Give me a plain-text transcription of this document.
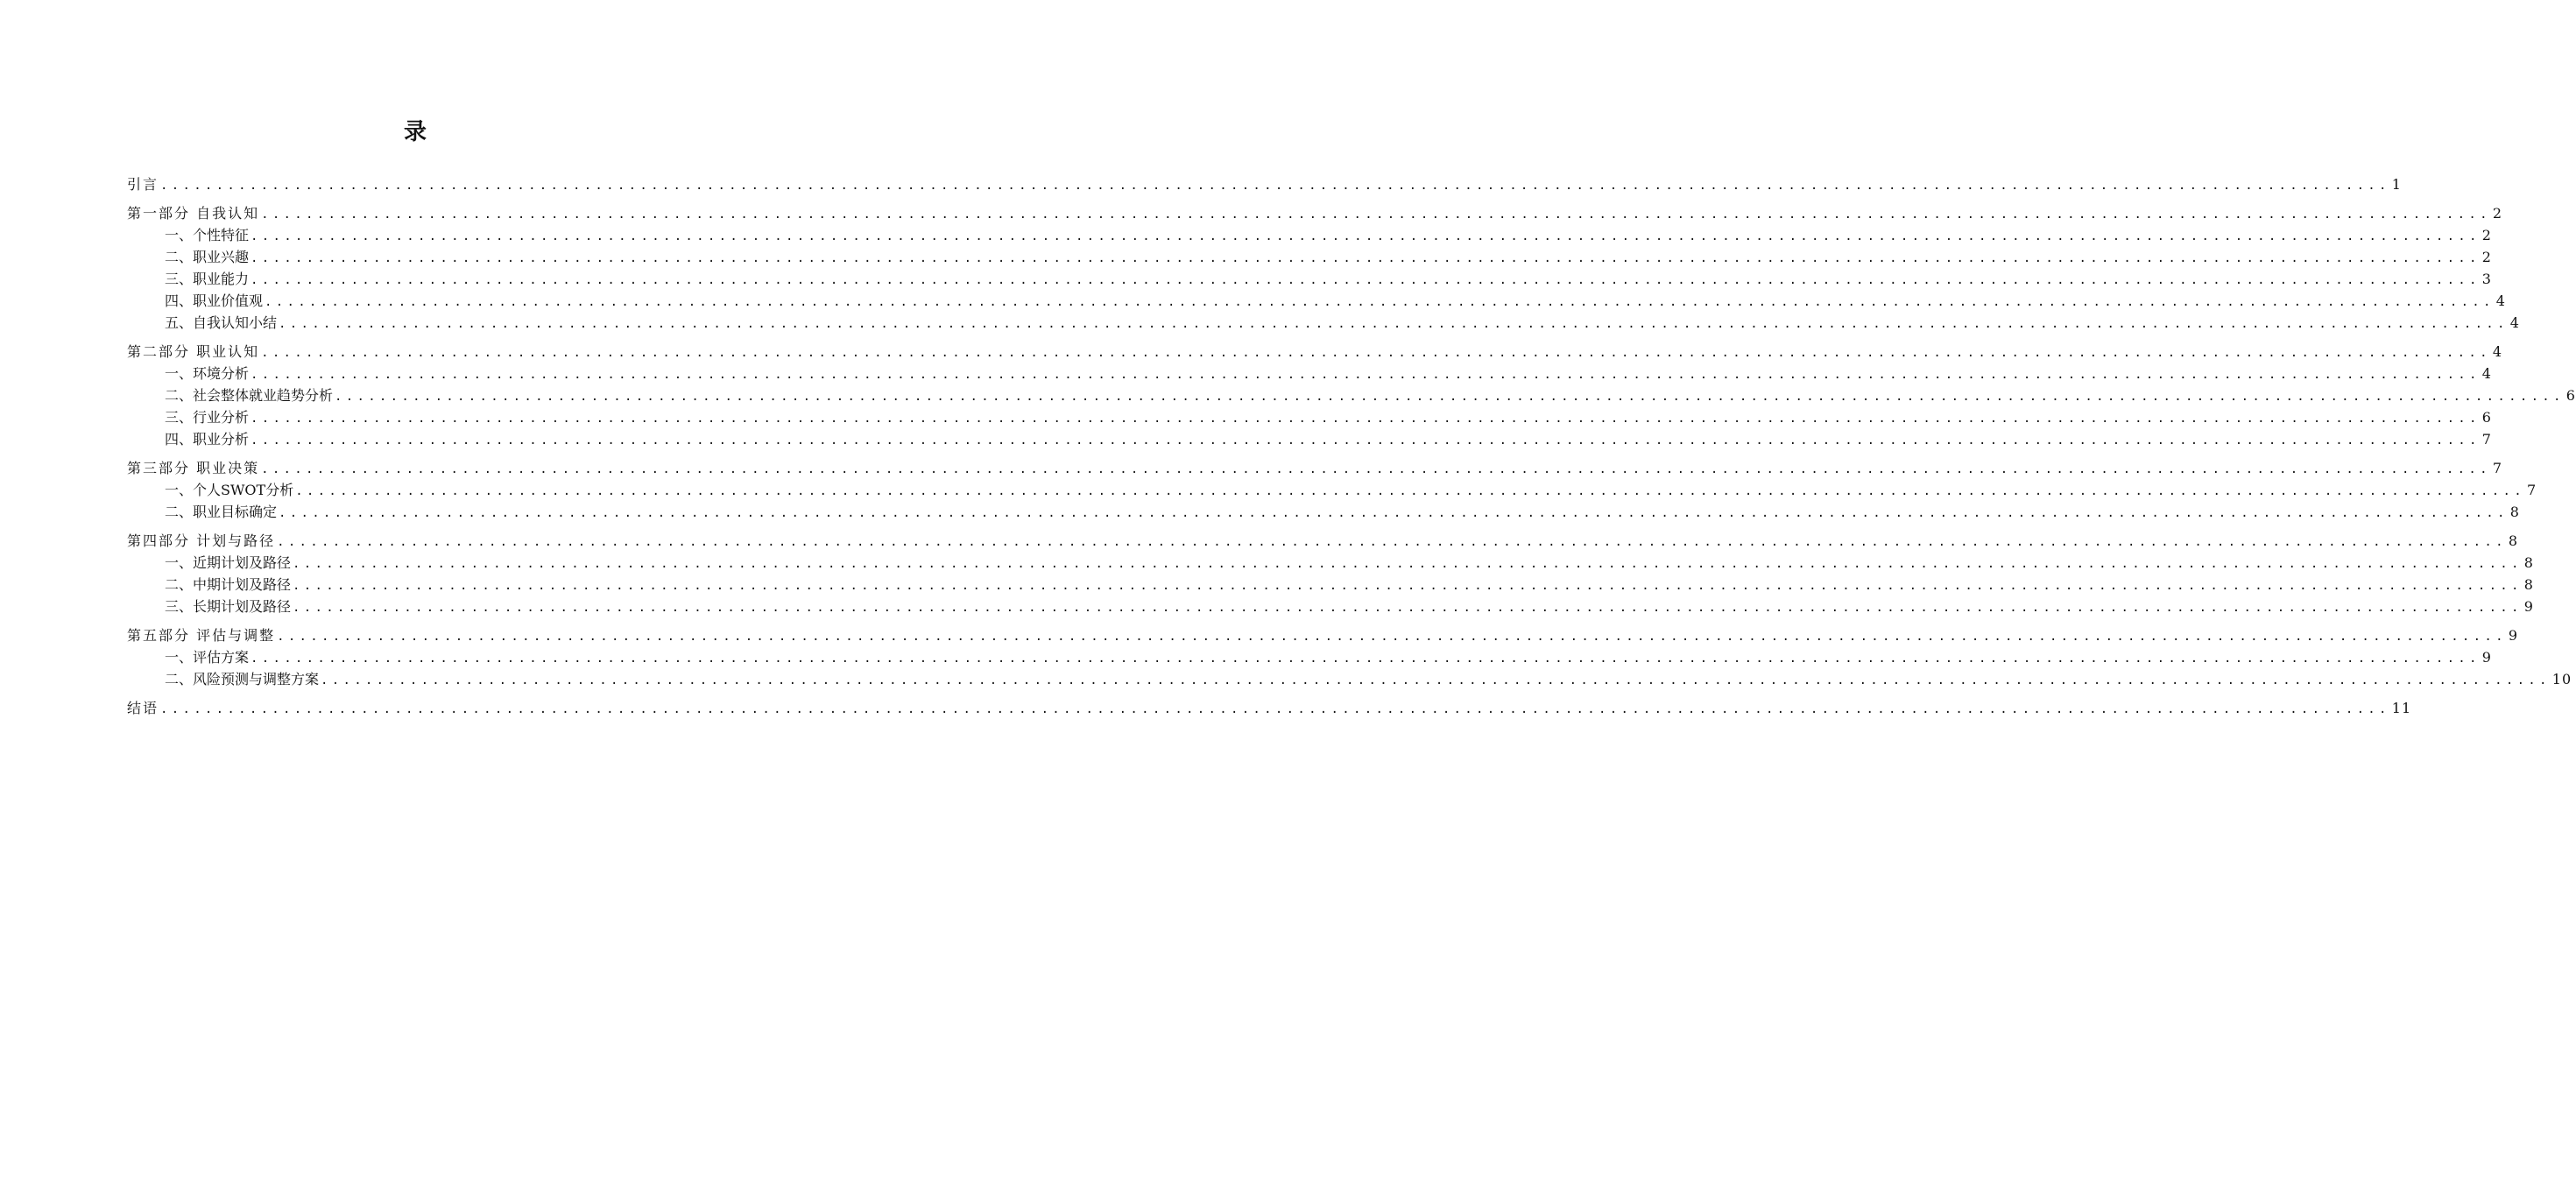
录
引言 ........................................................................................................................................................................................................ 1
第一部分 自我认知 ........................................................................................................................................................................................................ 2
一、个性特征 ........................................................................................................................................................................................................ 2
二、职业兴趣 ........................................................................................................................................................................................................ 2
三、职业能力 ........................................................................................................................................................................................................ 3
四、职业价值观 ........................................................................................................................................................................................................ 4
五、自我认知小结 ........................................................................................................................................................................................................ 4
第二部分 职业认知 ........................................................................................................................................................................................................ 4
一、环境分析 ........................................................................................................................................................................................................ 4
二、社会整体就业趋势分析 ........................................................................................................................................................................................................ 6
三、行业分析 ........................................................................................................................................................................................................ 6
四、职业分析 ........................................................................................................................................................................................................ 7
第三部分 职业决策 ........................................................................................................................................................................................................ 7
一、个人SWOT分析 ........................................................................................................................................................................................................ 7
二、职业目标确定 ........................................................................................................................................................................................................ 8
第四部分 计划与路径 ........................................................................................................................................................................................................ 8
一、近期计划及路径 ........................................................................................................................................................................................................ 8
二、中期计划及路径 ........................................................................................................................................................................................................ 8
三、长期计划及路径 ........................................................................................................................................................................................................ 9
第五部分 评估与调整 ........................................................................................................................................................................................................ 9
一、评估方案 ........................................................................................................................................................................................................ 9
二、风险预测与调整方案 ........................................................................................................................................................................................................ 10
结语 ........................................................................................................................................................................................................ 11
